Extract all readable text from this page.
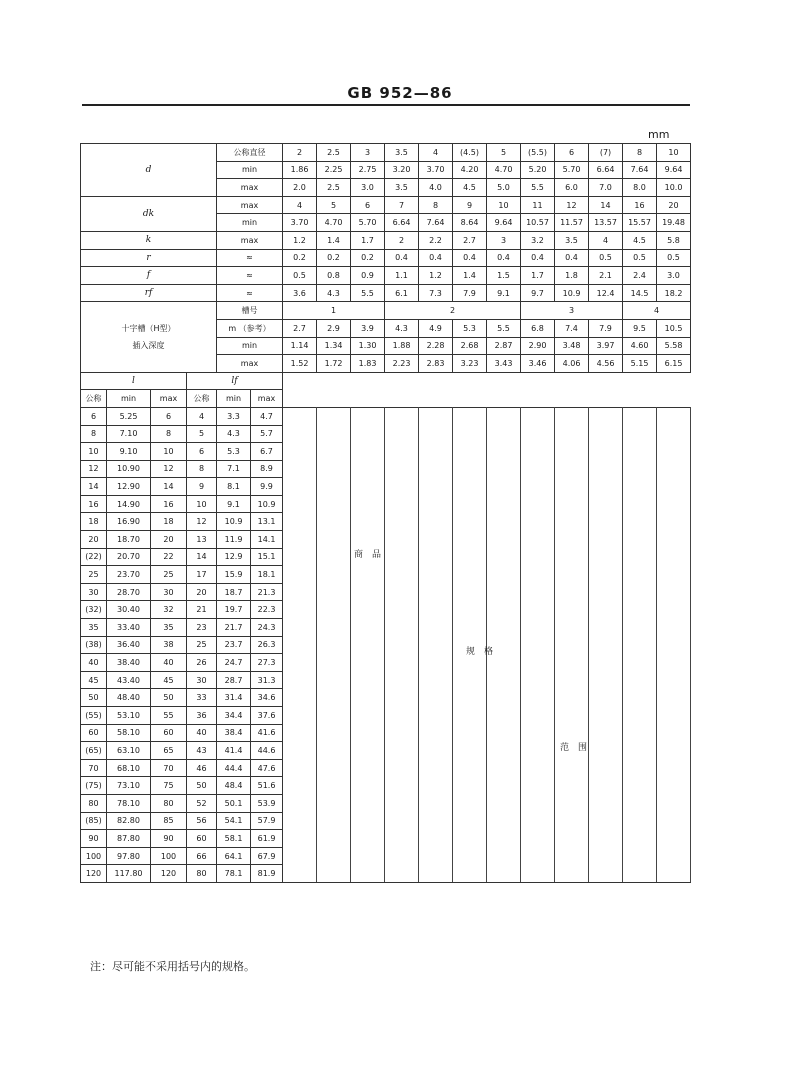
GB 952—86
mm
d				公称直径		2	2.5	3	3.5	4	(4.5)	5	(5.5)	6	(7)	8	10
				min		1.86	2.25	2.75	3.20	3.70	4.20	4.70	5.20	5.70	6.64	7.64	9.64
				max		2.0	2.5	3.0	3.5	4.0	4.5	5.0	5.5	6.0	7.0	8.0	10.0
dk				max		4	5	6	7	8	9	10	11	12	14	16	20
				min		3.70	4.70	5.70	6.64	7.64	8.64	9.64	10.57	11.57	13.57	15.57	19.48
k				max		1.2	1.4	1.7	2	2.2	2.7	3	3.2	3.5	4	4.5	5.8
r				≈		0.2	0.2	0.2	0.4	0.4	0.4	0.4	0.4	0.4	0.5	0.5	0.5
f				≈		0.5	0.8	0.9	1.1	1.2	1.4	1.5	1.7	1.8	2.1	2.4	3.0
rf				≈		3.6	4.3	5.5	6.1	7.3	7.9	9.1	9.7	10.9	12.4	14.5	18.2

十字槽（H型）
插入深度				槽号		1			2				3			4	
				m （参考）		2.7	2.9	3.9	4.3	4.9	5.3	5.5	6.8	7.4	7.9	9.5	10.5
				min		1.14	1.34	1.30	1.88	2.28	2.68	2.87	2.90	3.48	3.97	4.60	5.58
				max		1.52	1.72	1.83	2.23	2.83	3.23	3.43	3.46	4.06	4.56	5.15	6.15
l			lf														
公称	min	max	公称	min	max												
6	5.25	6	4	3.3	4.7												
8	7.10	8	5	4.3	5.7												
10	9.10	10	6	5.3	6.7												
12	10.90	12	8	7.1	8.9												
14	12.90	14	9	8.1	9.9												
16	14.90	16	10	9.1	10.9												
18	16.90	18	12	10.9	13.1												
20	18.70	20	13	11.9	14.1												
(22)	20.70	22	14	12.9	15.1												
25	23.70	25	17	15.9	18.1												
30	28.70	30	20	18.7	21.3												
(32)	30.40	32	21	19.7	22.3												
35	33.40	35	23	21.7	24.3												
(38)	36.40	38	25	23.7	26.3												
40	38.40	40	26	24.7	27.3												
45	43.40	45	30	28.7	31.3												
50	48.40	50	33	31.4	34.6												
(55)	53.10	55	36	34.4	37.6												
60	58.10	60	40	38.4	41.6												
(65)	63.10	65	43	41.4	44.6												
70	68.10	70	46	44.4	47.6												
(75)	73.10	75	50	48.4	51.6												
80	78.10	80	52	50.1	53.9												
(85)	82.80	85	56	54.1	57.9												
90	87.80	90	60	58.1	61.9												
100	97.80	100	66	64.1	67.9												
120	117.80	120	80	78.1	81.9												
注：尽可能不采用括号内的规格。
商　品
规　格
范　围
